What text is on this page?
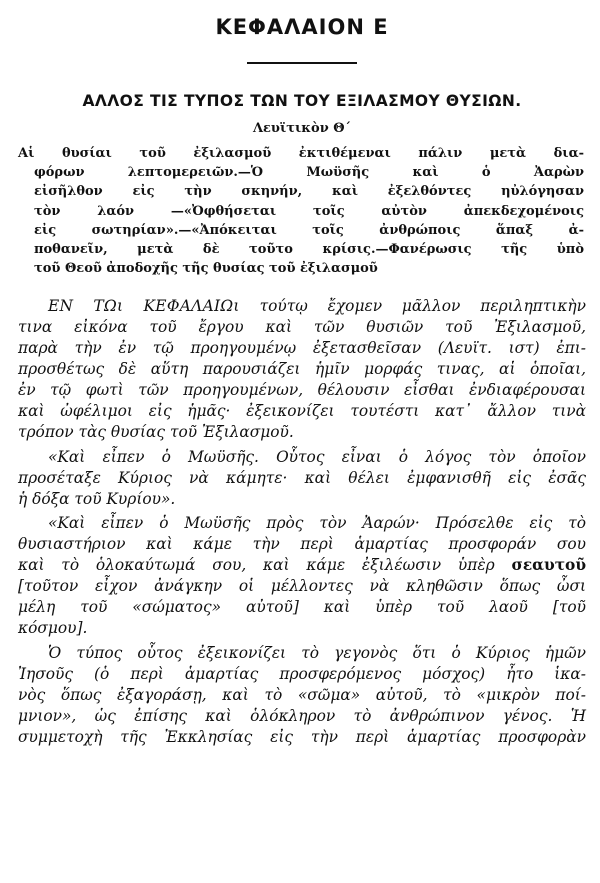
ΚΕΦΑΛΑΙΟΝ Ε
ΑΛΛΟΣ ΤΙΣ ΤΥΠΟΣ ΤΩΝ ΤΟΥ ΕΞΙΛΑΣΜΟΥ ΘΥΣΙΩΝ.
Λευϊτικὸν Θ΄
Αἱ θυσίαι τοῦ ἐξιλασμοῦ ἐκτιθέμεναι πάλιν μετὰ δια-
φόρων λεπτομερειῶν.—Ὁ Μωϋσῆς καὶ ὁ Ἀαρὼν
εἰσῆλθον εἰς τὴν σκηνήν, καὶ ἐξελθόντες ηὐλόγησαν
τὸν λαόν —«Ὀφθήσεται τοῖς αὐτὸν ἀπεκδεχομένοις
εἰς σωτηρίαν».—«Ἀπόκειται τοῖς ἀνθρώποις ἅπαξ ἀ-
ποθανεῖν, μετὰ δὲ τοῦτο κρίσις.—Φανέρωσις τῆς ὑπὸ
τοῦ Θεοῦ ἀποδοχῆς τῆς θυσίας τοῦ ἐξιλασμοῦ
ΕΝ ΤΩι ΚΕΦΑΛΑΙΩι τούτῳ ἔχομεν μᾶλλον περιληπτικὴν
τινα εἰκόνα τοῦ ἔργου καὶ τῶν θυσιῶν τοῦ Ἐξιλασμοῦ,
παρὰ τὴν ἐν τῷ προηγουμένῳ ἐξετασθεῖσαν (Λευϊτ. ιστ) ἐπι-
προσθέτως δὲ αὕτη παρουσιάζει ἡμῖν μορφάς τινας, αἱ ὁποῖαι,
ἐν τῷ φωτὶ τῶν προηγουμένων, θέλουσιν εἶσθαι ἐνδιαφέρουσαι
καὶ ὠφέλιμοι εἰς ἡμᾶς· ἐξεικονίζει τουτέστι κατ᾽ ἄλλον τινὰ
τρόπον τὰς θυσίας τοῦ Ἐξιλασμοῦ.
«Καὶ εἶπεν ὁ Μωϋσῆς. Οὗτος εἶναι ὁ λόγος τὸν ὁποῖον
προσέταξε Κύριος νὰ κάμητε· καὶ θέλει ἐμφανισθῆ εἰς ἐσᾶς
ἡ δόξα τοῦ Κυρίου».
«Καὶ εἶπεν ὁ Μωϋσῆς πρὸς τὸν Ἀαρών· Πρόσελθε εἰς τὸ
θυσιαστήριον καὶ κάμε τὴν περὶ ἁμαρτίας προσφοράν σου
καὶ τὸ ὁλοκαύτωμά σου, καὶ κάμε ἐξιλέωσιν ὑπὲρ σεαυτοῦ
[τοῦτον εἶχον ἀνάγκην οἱ μέλλοντες νὰ κληθῶσιν ὅπως ὦσι
μέλη τοῦ «σώματος» αὐτοῦ] καὶ ὑπὲρ τοῦ λαοῦ [τοῦ
κόσμου].
Ὁ τύπος οὗτος ἐξεικονίζει τὸ γεγονὸς ὅτι ὁ Κύριος ἡμῶν
Ἰησοῦς (ὁ περὶ ἁμαρτίας προσφερόμενος μόσχος) ἦτο ἱκα-
νὸς ὅπως ἐξαγοράσῃ, καὶ τὸ «σῶμα» αὐτοῦ, τὸ «μικρὸν ποί-
μνιον», ὡς ἐπίσης καὶ ὁλόκληρον τὸ ἀνθρώπινον γένος. Ἡ
συμμετοχὴ τῆς Ἐκκλησίας εἰς τὴν περὶ ἁμαρτίας προσφορὰν
